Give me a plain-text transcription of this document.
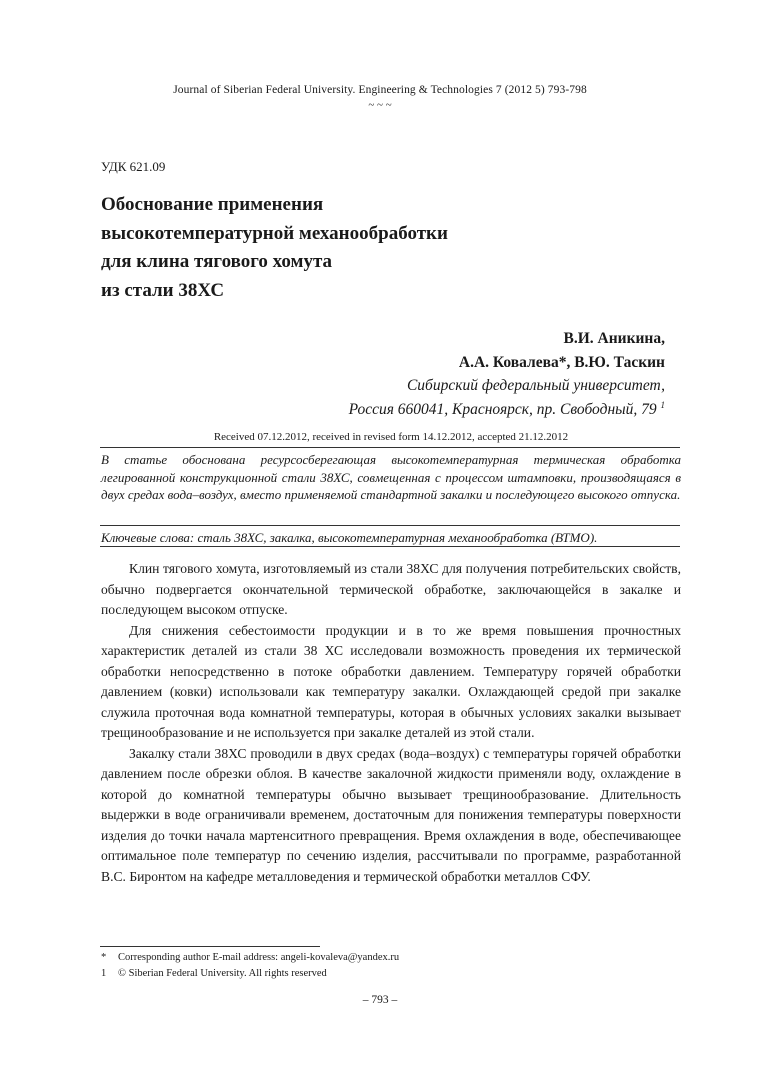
Journal of Siberian Federal University. Engineering & Technologies 7 (2012 5) 793-798
~ ~ ~
УДК 621.09
Обоснование применения
высокотемпературной механообработки
для клина тягового хомута
из стали 38ХС
В.И. Аникина,
А.А. Ковалева*, В.Ю. Таскин
Сибирский федеральный университет,
Россия 660041, Красноярск, пр. Свободный, 79 $^1$
Received 07.12.2012, received in revised form 14.12.2012, accepted 21.12.2012
В статье обоснована ресурсосберегающая высокотемпературная термическая обработка легированной конструкционной стали 38ХС, совмещенная с процессом штамповки, производящаяся в двух средах вода–воздух, вместо применяемой стандартной закалки и последующего высокого отпуска.
Ключевые слова: сталь 38ХС, закалка, высокотемпературная механообработка (ВТМО).

Клин тягового хомута, изготовляемый из стали 38ХС для получения потребительских свойств, обычно подвергается окончательной термической обработке, заключающейся в закалке и последующем высоком отпуске.

Для снижения себестоимости продукции и в то же время повышения прочностных характеристик деталей из стали 38 ХС исследовали возможность проведения их термической обработки непосредственно в потоке обработки давлением. Температуру горячей обработки давлением (ковки) использовали как температуру закалки. Охлаждающей средой при закалке служила проточная вода комнатной температуры, которая в обычных условиях закалки вызывает трещинообразование и не используется при закалке деталей из этой стали.

Закалку стали 38ХС проводили в двух средах (вода–воздух) с температуры горячей обработки давлением после обрезки облоя. В качестве закалочной жидкости применяли воду, охлаждение в которой до комнатной температуры обычно вызывает трещинообразование. Длительность выдержки в воде ограничивали временем, достаточным для понижения температуры поверхности изделия до точки начала мартенситного превращения. Время охлаждения в воде, обеспечивающее оптимальное поле температур по сечению изделия, рассчитывали по программе, разработанной В.С. Биронтом на кафедре металловедения и термической обработки металлов СФУ.

*	Corresponding author E-mail address: angeli-kovaleva@yandex.ru
1	© Siberian Federal University. All rights reserved
– 793 –
